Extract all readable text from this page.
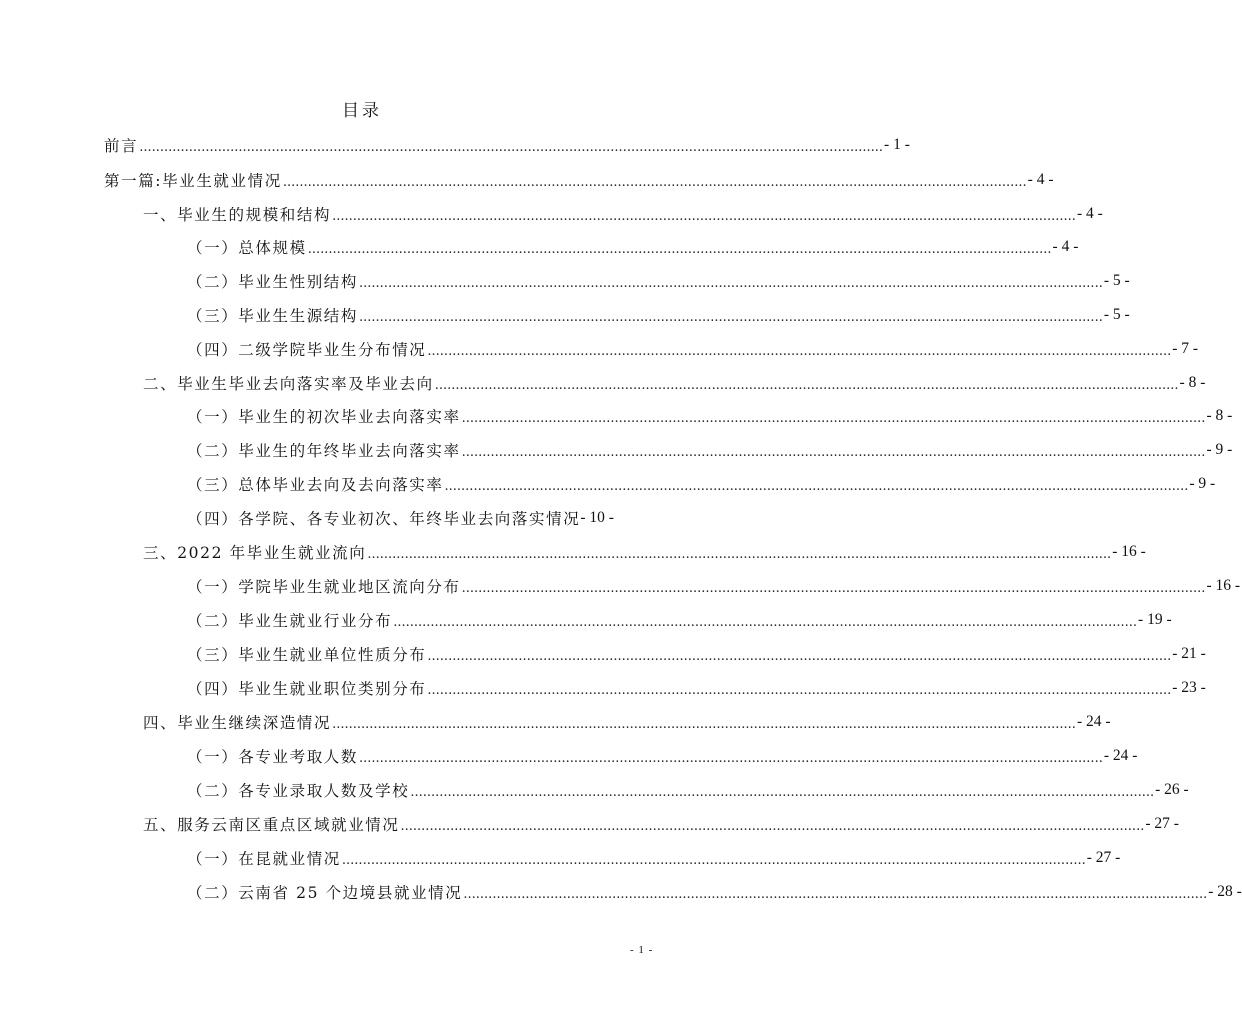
目录
前言 .................................................................................................................................................................................... - 1 -
第一篇:毕业生就业情况 .................................................................................................................................................................................... - 4 -
一、毕业生的规模和结构 .................................................................................................................................................................................... - 4 -
（一）总体规模 .................................................................................................................................................................................... - 4 -
（二）毕业生性别结构 .................................................................................................................................................................................... - 5 -
（三）毕业生生源结构 .................................................................................................................................................................................... - 5 -
（四）二级学院毕业生分布情况 .................................................................................................................................................................................... - 7 -
二、毕业生毕业去向落实率及毕业去向 .................................................................................................................................................................................... - 8 -
（一）毕业生的初次毕业去向落实率 .................................................................................................................................................................................... - 8 -
（二）毕业生的年终毕业去向落实率 .................................................................................................................................................................................... - 9 -
（三）总体毕业去向及去向落实率 .................................................................................................................................................................................... - 9 -
（四）各学院、各专业初次、年终毕业去向落实情况 - 10 -
三、2022 年毕业生就业流向 .................................................................................................................................................................................... - 16 -
（一）学院毕业生就业地区流向分布 .................................................................................................................................................................................... - 16 -
（二）毕业生就业行业分布 .................................................................................................................................................................................... - 19 -
（三）毕业生就业单位性质分布 .................................................................................................................................................................................... - 21 -
（四）毕业生就业职位类别分布 .................................................................................................................................................................................... - 23 -
四、毕业生继续深造情况 .................................................................................................................................................................................... - 24 -
（一）各专业考取人数 .................................................................................................................................................................................... - 24 -
（二）各专业录取人数及学校 .................................................................................................................................................................................... - 26 -
五、服务云南区重点区域就业情况 .................................................................................................................................................................................... - 27 -
（一）在昆就业情况 .................................................................................................................................................................................... - 27 -
（二）云南省 25 个边境县就业情况 .................................................................................................................................................................................... - 28 -
- 1 -
